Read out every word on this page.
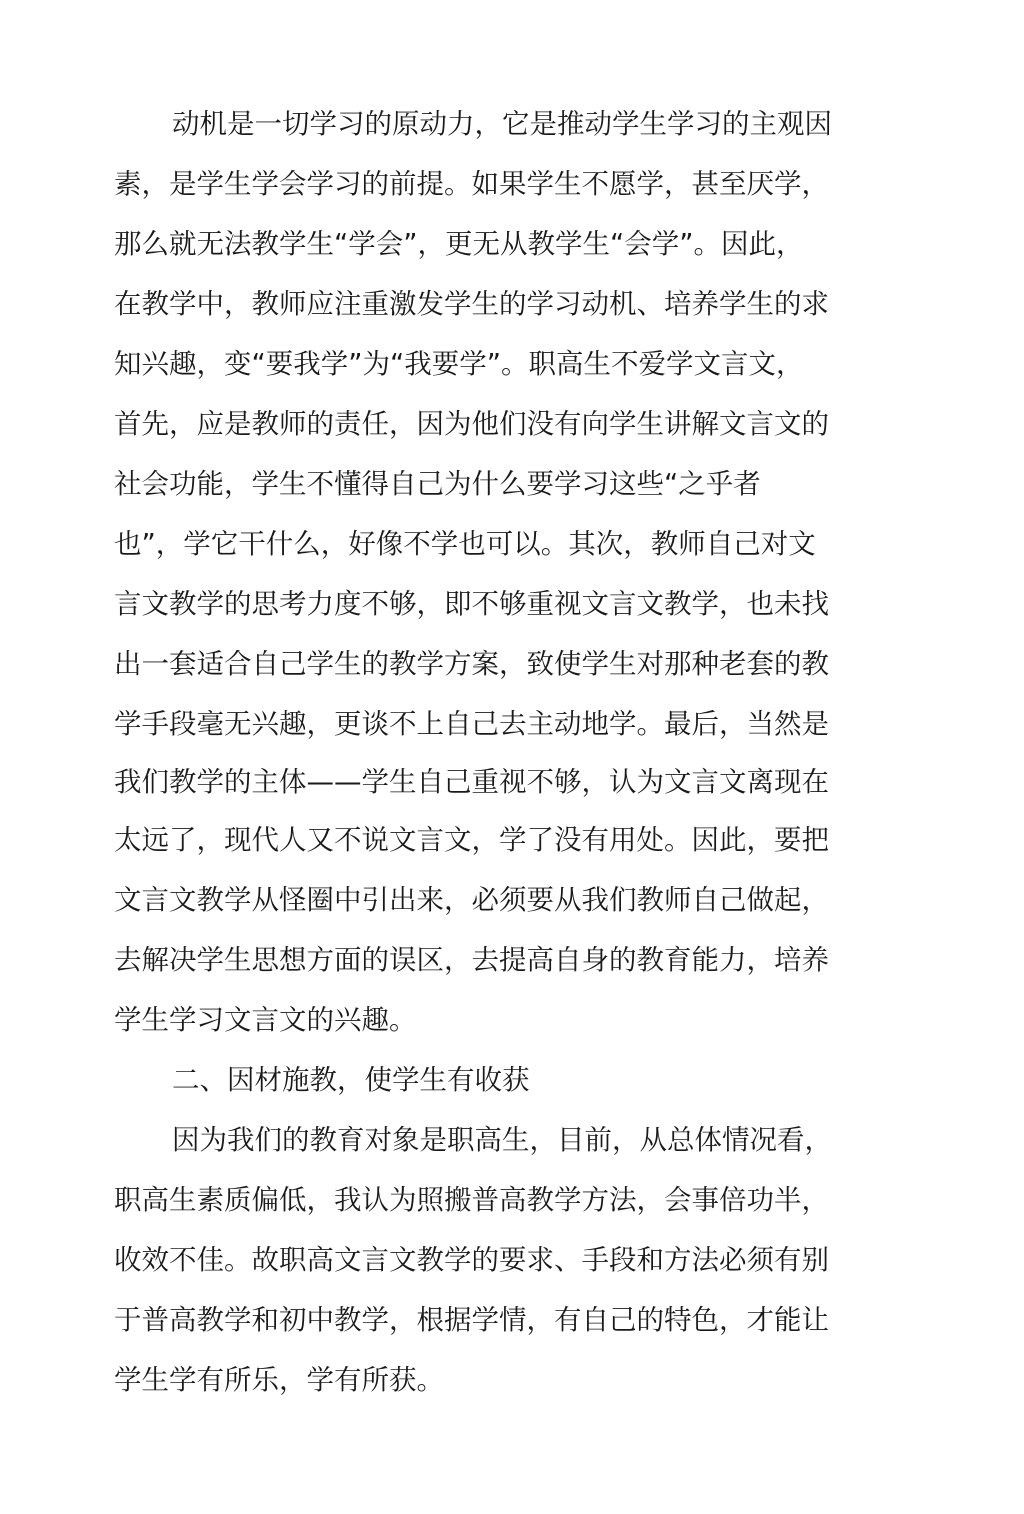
动机是一切学习的原动力，它是推动学生学习的主观因

素，是学生学会学习的前提。如果学生不愿学，甚至厌学，

那么就无法教学生“学会”，更无从教学生“会学”。因此，

在教学中，教师应注重激发学生的学习动机、培养学生的求

知兴趣，变“要我学”为“我要学”。职高生不爱学文言文，

首先，应是教师的责任，因为他们没有向学生讲解文言文的

社会功能，学生不懂得自己为什么要学习这些“之乎者

也”，学它干什么，好像不学也可以。其次，教师自己对文

言文教学的思考力度不够，即不够重视文言文教学，也未找

出一套适合自己学生的教学方案，致使学生对那种老套的教

学手段毫无兴趣，更谈不上自己去主动地学。最后，当然是

我们教学的主体——学生自己重视不够，认为文言文离现在

太远了，现代人又不说文言文，学了没有用处。因此，要把

文言文教学从怪圈中引出来，必须要从我们教师自己做起，

去解决学生思想方面的误区，去提高自身的教育能力，培养

学生学习文言文的兴趣。

二、因材施教，使学生有收获

因为我们的教育对象是职高生，目前，从总体情况看，

职高生素质偏低，我认为照搬普高教学方法，会事倍功半，

收效不佳。故职高文言文教学的要求、手段和方法必须有别

于普高教学和初中教学，根据学情，有自己的特色，才能让

学生学有所乐，学有所获。
